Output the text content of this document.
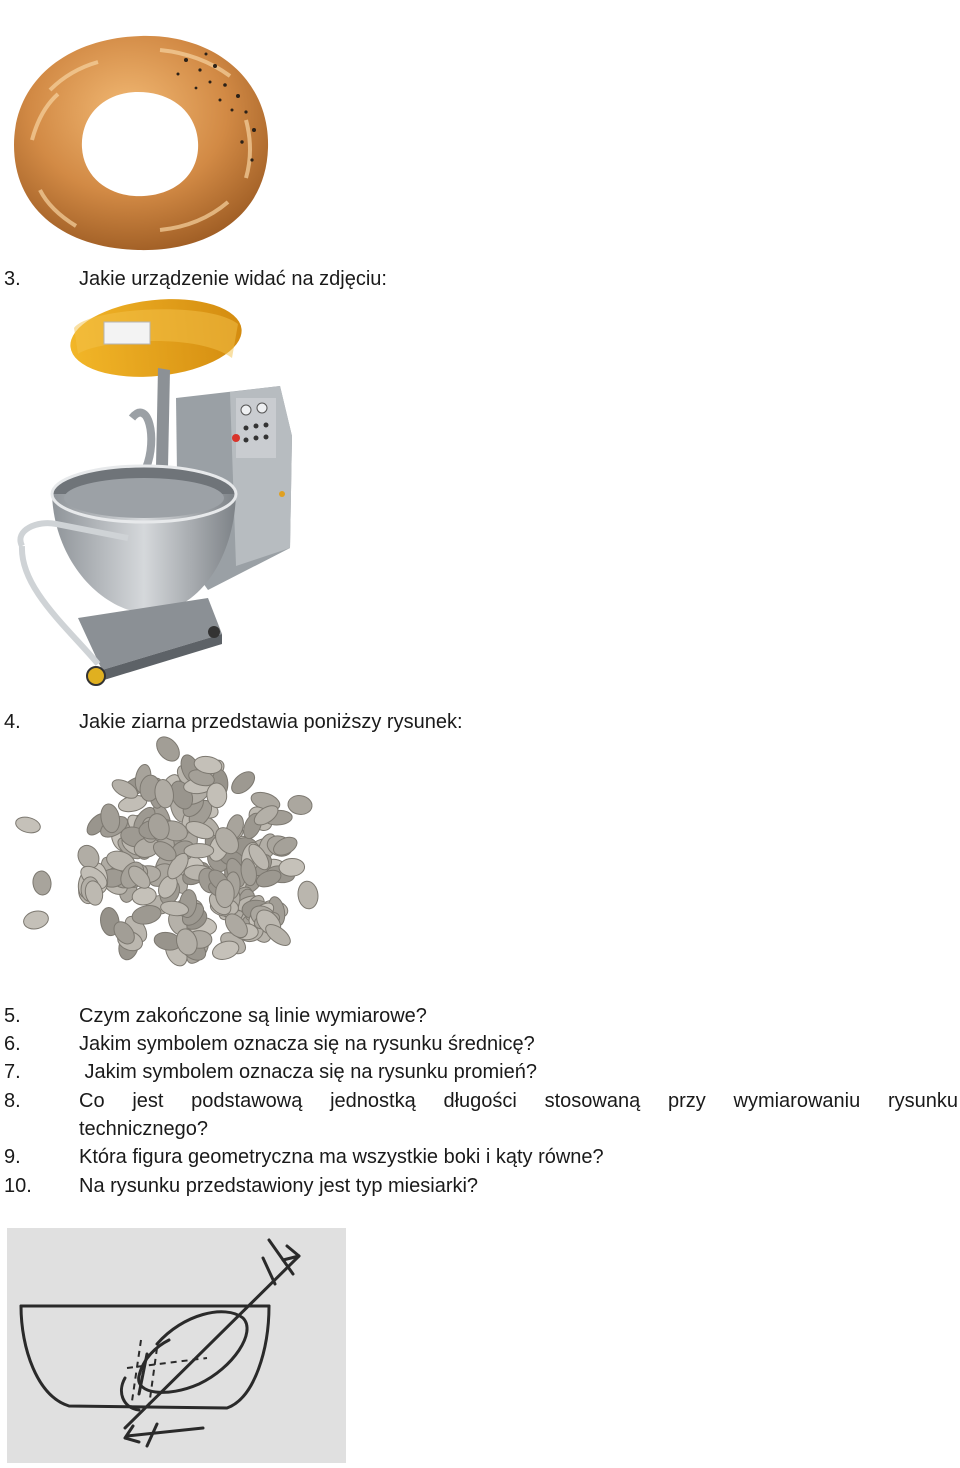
3.	Jakie urządzenie widać na zdjęciu:
4.	Jakie ziarna przedstawia poniższy rysunek:
5.	Czym zakończone są linie wymiarowe?
6.	Jakim symbolem oznacza się na rysunku średnicę?
7.	Jakim symbolem oznacza się na rysunku promień?
8.	Co jest podstawową jednostką długości stosowaną przy wymiarowaniu rysunku
technicznego?
9.	Która figura geometryczna ma wszystkie boki i kąty równe?
10. Na rysunku przedstawiony jest typ miesiarki?
